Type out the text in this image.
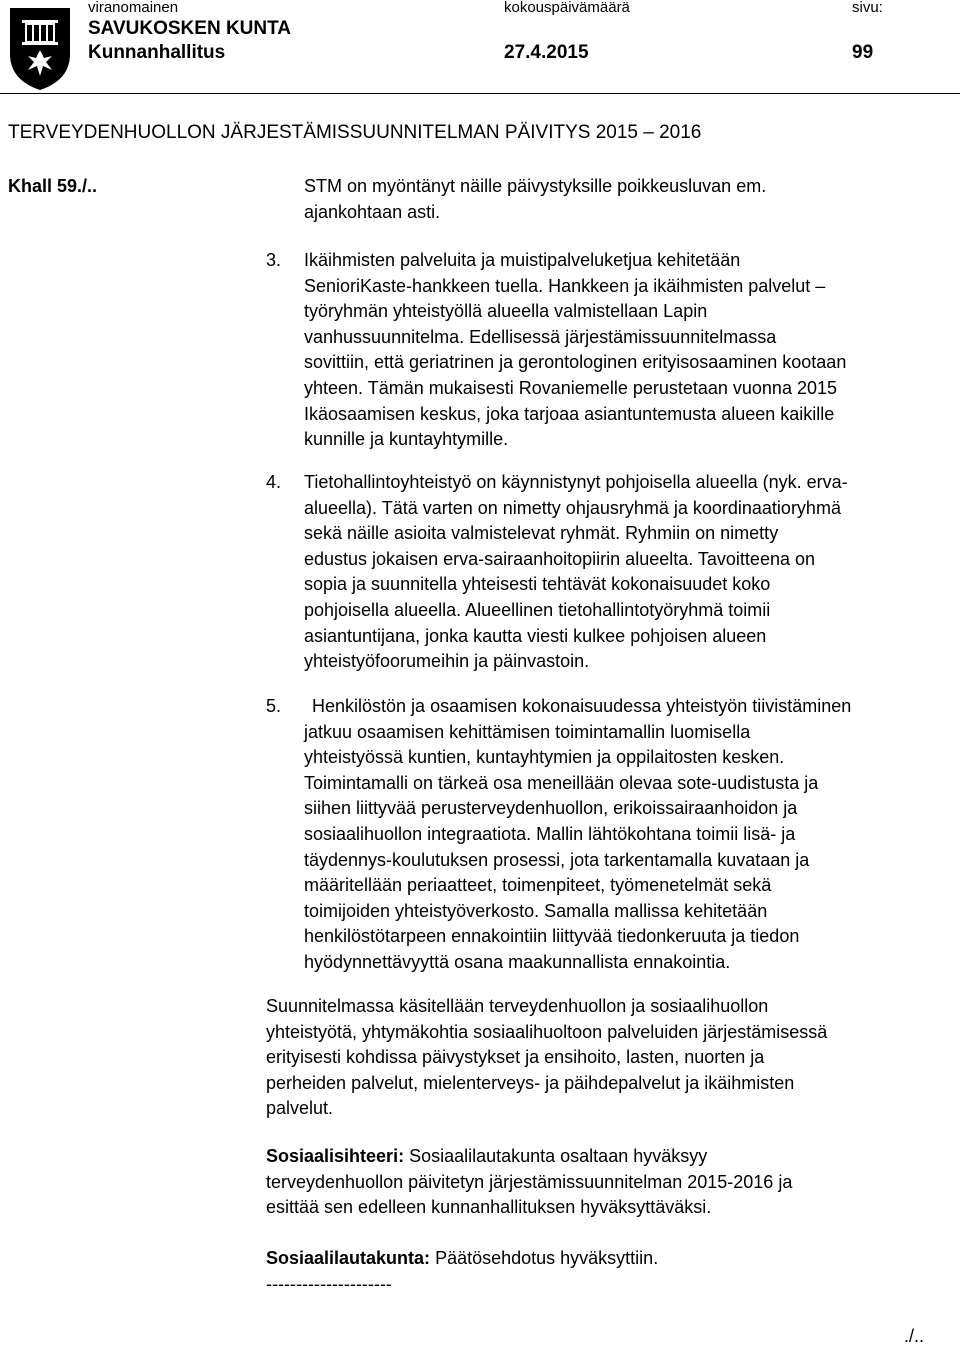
viranomainen	kokouspäivämäärä	sivu:
SAVUKOSKEN KUNTA
Kunnanhallitus	27.4.2015	99
TERVEYDENHUOLLON JÄRJESTÄMISSUUNNITELMAN PÄIVITYS 2015 – 2016
Khall 59./..	STM on myöntänyt näille päivystyksille poikkeusluvan em.
ajankohtaan asti.
3. Ikäihmisten palveluita ja muistipalveluketjua kehitetään
SenioriKaste-hankkeen tuella. Hankkeen ja ikäihmisten palvelut –
työryhmän yhteistyöllä alueella valmistellaan Lapin
vanhussuunnitelma. Edellisessä järjestämissuunnitelmassa
sovittiin, että geriatrinen ja gerontologinen erityisosaaminen kootaan
yhteen. Tämän mukaisesti Rovaniemelle perustetaan vuonna 2015
Ikäosaamisen keskus, joka tarjoaa asiantuntemusta alueen kaikille
kunnille ja kuntayhtymille.
4. Tietohallintoyhteistyö on käynnistynyt pohjoisella alueella (nyk. erva-
alueella). Tätä varten on nimetty ohjausryhmä ja koordinaatioryhmä
sekä näille asioita valmistelevat ryhmät. Ryhmiin on nimetty
edustus jokaisen erva-sairaanhoitopiirin alueelta. Tavoitteena on
sopia ja suunnitella yhteisesti tehtävät kokonaisuudet koko
pohjoisella alueella. Alueellinen tietohallintotyöryhmä toimii
asiantuntijana, jonka kautta viesti kulkee pohjoisen alueen
yhteistyöfoorumeihin ja päinvastoin.
5.	Henkilöstön ja osaamisen kokonaisuudessa yhteistyön tiivistäminen
jatkuu osaamisen kehittämisen toimintamallin luomisella
yhteistyössä kuntien, kuntayhtymien ja oppilaitosten kesken.
Toimintamalli on tärkeä osa meneillään olevaa sote-uudistusta ja
siihen liittyvää perusterveydenhuollon, erikoissairaanhoidon ja
sosiaalihuollon integraatiota. Mallin lähtökohtana toimii lisä- ja
täydennys-koulutuksen prosessi, jota tarkentamalla kuvataan ja
määritellään periaatteet, toimenpiteet, työmenetelmät sekä
toimijoiden yhteistyöverkosto. Samalla mallissa kehitetään
henkilöstötarpeen ennakointiin liittyvää tiedonkeruuta ja tiedon
hyödynnettävyyttä osana maakunnallista ennakointia.
Suunnitelmassa käsitellään terveydenhuollon ja sosiaalihuollon
yhteistyötä, yhtymäkohtia sosiaalihuoltoon palveluiden järjestämisessä
erityisesti kohdissa päivystykset ja ensihoito, lasten, nuorten ja
perheiden palvelut, mielenterveys- ja päihdepalvelut ja ikäihmisten
palvelut.
Sosiaalisihteeri: Sosiaalilautakunta osaltaan hyväksyy
terveydenhuollon päivitetyn järjestämissuunnitelman 2015-2016 ja
esittää sen edelleen kunnanhallituksen hyväksyttäväksi.
Sosiaalilautakunta: Päätösehdotus hyväksyttiin.
---------------------
./..
